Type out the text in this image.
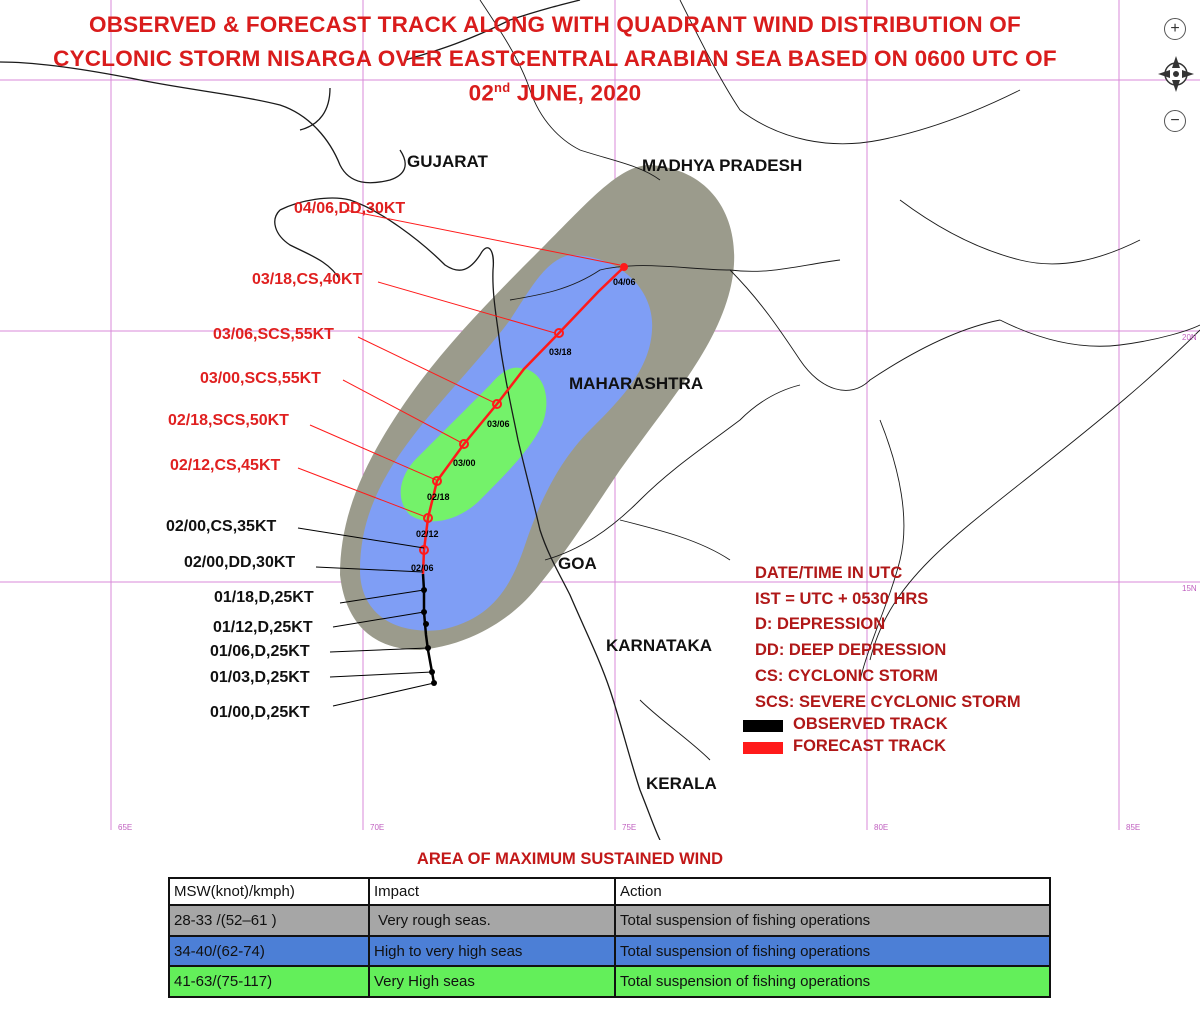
04/06
03/18
03/06
03/00
02/18
02/12
02/06
65E	70E	75E	80E	85E
20N
15N
OBSERVED & FORECAST TRACK ALONG WITH QUADRANT WIND DISTRIBUTION OF
CYCLONIC STORM NISARGA OVER EASTCENTRAL ARABIAN SEA BASED ON 0600 UTC OF
02nd JUNE, 2020
GUJARAT	MADHYA PRADESH
MAHARASHTRA
GOA
KARNATAKA
KERALA
04/06,DD,30KT
03/18,CS,40KT
03/06,SCS,55KT
03/00,SCS,55KT
02/18,SCS,50KT
02/12,CS,45KT
02/00,CS,35KT
02/00,DD,30KT
01/18,D,25KT
01/12,D,25KT
01/06,D,25KT
01/03,D,25KT
01/00,D,25KT
DATE/TIME IN UTC
IST = UTC + 0530 HRS
D: DEPRESSION
DD: DEEP DEPRESSION
CS: CYCLONIC STORM
SCS: SEVERE CYCLONIC STORM
OBSERVED TRACK
FORECAST TRACK
+
−
AREA OF MAXIMUM SUSTAINED WIND
MSW(knot)/kmph)	Impact	Action
28-33 /(52–61 )	Very rough seas.	Total suspension of fishing operations
34-40/(62-74)	High to very high seas	Total suspension of fishing operations
41-63/(75-117)	Very High seas	Total suspension of fishing operations
